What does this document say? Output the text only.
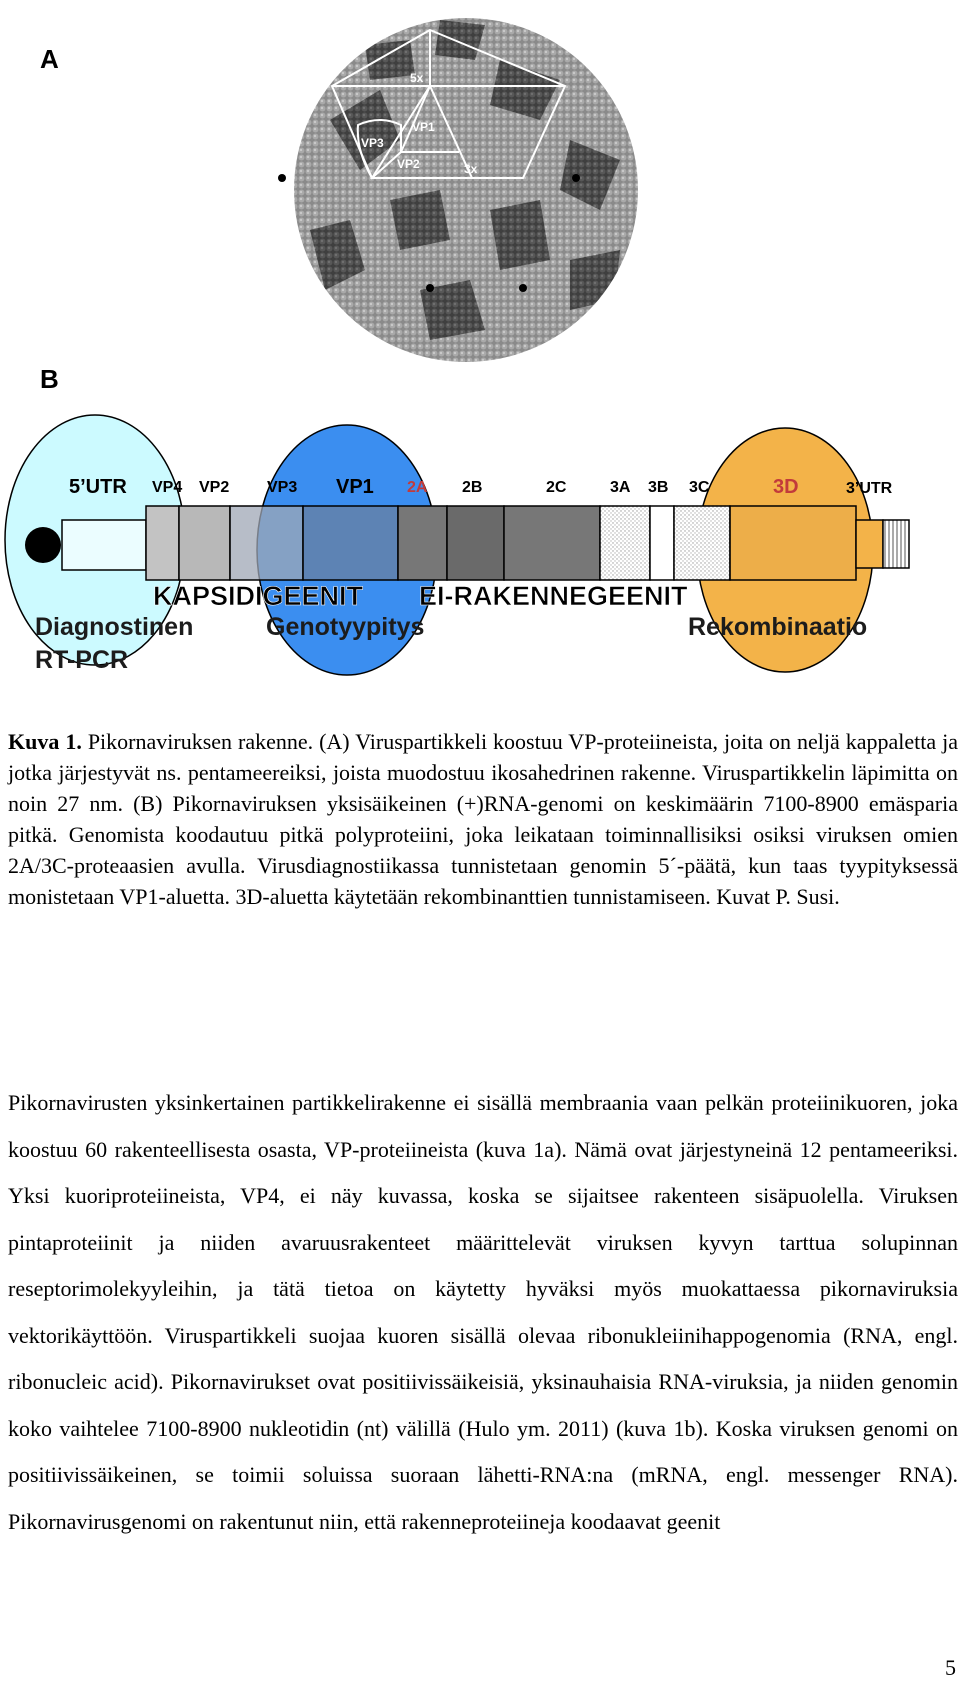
A
B
5x
3x
VP1
VP2
VP3
5’UTR VP4 VP2 VP3 VP1 2A 2B	2C	3A 3B 3C	3D	3’UTR
KAPSIDIGEENIT EI-RAKENNEGEENIT
Diagnostinen
RT-PCR
Genotyypitys	Rekombinaatio
Kuva 1. Pikornaviruksen rakenne. (A) Viruspartikkeli koostuu VP-proteiineista, joita on neljä kappaletta ja jotka järjestyvät ns. pentameereiksi, joista muodostuu ikosahedrinen rakenne. Viruspartikkelin läpimitta on noin 27 nm. (B) Pikornaviruksen yksisäikeinen (+)RNA-genomi on keskimäärin 7100-8900 emäsparia pitkä. Genomista koodautuu pitkä polyproteiini, joka leikataan toiminnallisiksi osiksi viruksen omien 2A/3C-proteaasien avulla. Virusdiagnostiikassa tunnistetaan genomin 5´-päätä, kun taas tyypityksessä monistetaan VP1-aluetta. 3D-aluetta käytetään rekombinanttien tunnistamiseen. Kuvat P. Susi.
Pikornavirusten yksinkertainen partikkelirakenne ei sisällä membraania vaan pelkän proteiinikuoren, joka koostuu 60 rakenteellisesta osasta, VP-proteiineista (kuva 1a). Nämä ovat järjestyneinä 12 pentameeriksi. Yksi kuoriproteiineista, VP4, ei näy kuvassa, koska se sijaitsee rakenteen sisäpuolella. Viruksen pintaproteiinit ja niiden avaruusrakenteet määrittelevät viruksen kyvyn tarttua solupinnan reseptorimolekyyleihin, ja tätä tietoa on käytetty hyväksi myös muokattaessa pikornaviruksia vektorikäyttöön. Viruspartikkeli suojaa kuoren sisällä olevaa ribonukleiinihappogenomia (RNA, engl. ribonucleic acid). Pikornavirukset ovat positiivissäikeisiä, yksinauhaisia RNA-viruksia, ja niiden genomin koko vaihtelee 7100-8900 nukleotidin (nt) välillä (Hulo ym. 2011) (kuva 1b). Koska viruksen genomi on positiivissäikeinen, se toimii soluissa suoraan lähetti-RNA:na (mRNA, engl. messenger RNA). Pikornavirusgenomi on rakentunut niin, että rakenneproteiineja koodaavat geenit
5
